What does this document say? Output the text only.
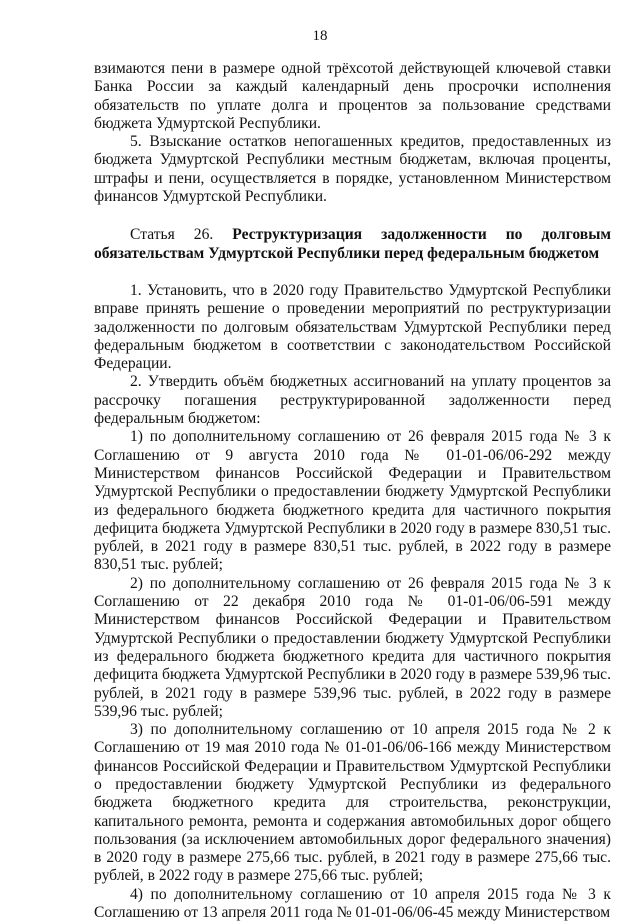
18

взимаются пени в размере одной трёхсотой действующей ключевой ставки Банка России за каждый календарный день просрочки исполнения обязательств по уплате долга и процентов за пользование средствами бюджета Удмуртской Республики.

5. Взыскание остатков непогашенных кредитов, предоставленных из бюджета Удмуртской Республики местным бюджетам, включая проценты, штрафы и пени, осуществляется в порядке, установленном Министерством финансов Удмуртской Республики.

Статья 26. Реструктуризация задолженности по долговым обязательствам Удмуртской Республики перед федеральным бюджетом

1. Установить, что в 2020 году Правительство Удмуртской Республики вправе принять решение о проведении мероприятий по реструктуризации задолженности по долговым обязательствам Удмуртской Республики перед федеральным бюджетом в соответствии с законодательством Российской Федерации.

2. Утвердить объём бюджетных ассигнований на уплату процентов за рассрочку погашения реструктурированной задолженности перед федеральным бюджетом:

1) по дополнительному соглашению от 26 февраля 2015 года № 3 к Соглашению от 9 августа 2010 года № 01-01-06/06-292 между Министерством финансов Российской Федерации и Правительством Удмуртской Республики о предоставлении бюджету Удмуртской Республики из федерального бюджета бюджетного кредита для частичного покрытия дефицита бюджета Удмуртской Республики в 2020 году в размере 830,51 тыс. рублей, в 2021 году в размере 830,51 тыс. рублей, в 2022 году в размере 830,51 тыс. рублей;

2) по дополнительному соглашению от 26 февраля 2015 года № 3 к Соглашению от 22 декабря 2010 года № 01-01-06/06-591 между Министерством финансов Российской Федерации и Правительством Удмуртской Республики о предоставлении бюджету Удмуртской Республики из федерального бюджета бюджетного кредита для частичного покрытия дефицита бюджета Удмуртской Республики в 2020 году в размере 539,96 тыс. рублей, в 2021 году в размере 539,96 тыс. рублей, в 2022 году в размере 539,96 тыс. рублей;

3) по дополнительному соглашению от 10 апреля 2015 года № 2 к Соглашению от 19 мая 2010 года № 01-01-06/06-166 между Министерством финансов Российской Федерации и Правительством Удмуртской Республики о предоставлении бюджету Удмуртской Республики из федерального бюджета бюджетного кредита для строительства, реконструкции, капитального ремонта, ремонта и содержания автомобильных дорог общего пользования (за исключением автомобильных дорог федерального значения) в 2020 году в размере 275,66 тыс. рублей, в 2021 году в размере 275,66 тыс. рублей, в 2022 году в размере 275,66 тыс. рублей;

4) по дополнительному соглашению от 10 апреля 2015 года № 3 к Соглашению от 13 апреля 2011 года № 01-01-06/06-45 между Министерством
